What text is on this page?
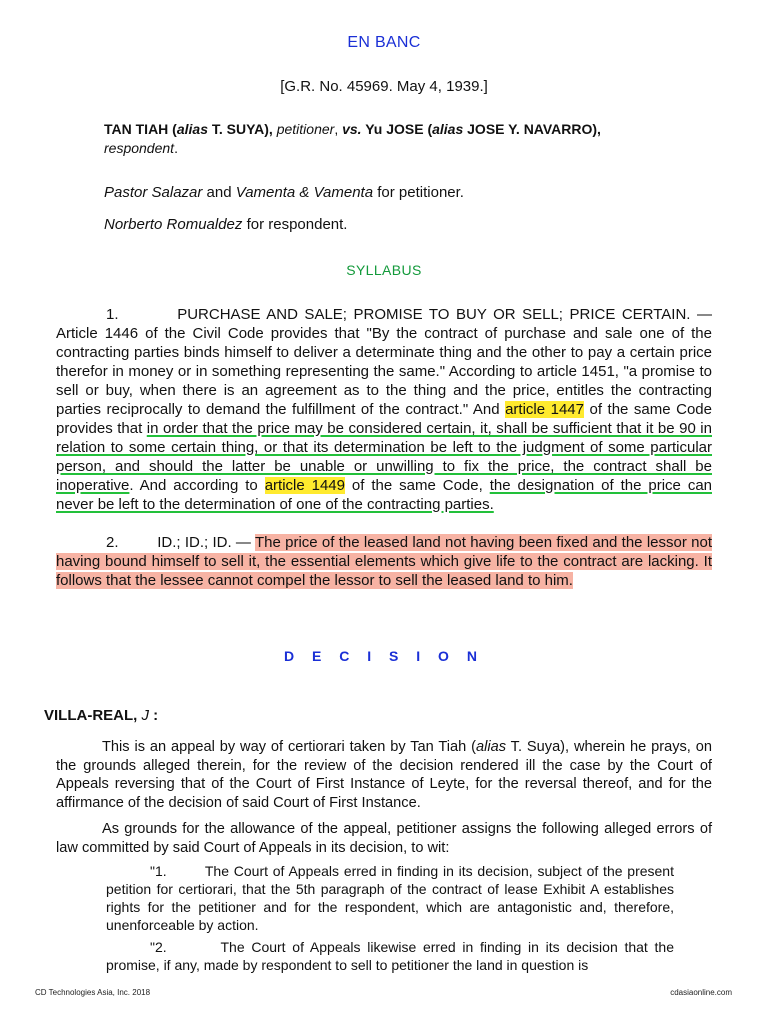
EN BANC
[G.R. No. 45969. May 4, 1939.]
TAN TIAH (alias T. SUYA), petitioner, vs. Yu JOSE (alias JOSE Y. NAVARRO), respondent.
Pastor Salazar and Vamenta & Vamenta for petitioner.
Norberto Romualdez for respondent.
SYLLABUS
1.         PURCHASE AND SALE; PROMISE TO BUY OR SELL; PRICE CERTAIN. — Article 1446 of the Civil Code provides that "By the contract of purchase and sale one of the contracting parties binds himself to deliver a determinate thing and the other to pay a certain price therefor in money or in something representing the same." According to article 1451, "a promise to sell or buy, when there is an agreement as to the thing and the price, entitles the contracting parties reciprocally to demand the fulfillment of the contract." And article 1447 of the same Code provides that in order that the price may be considered certain, it, shall be sufficient that it be 90 in relation to some certain thing, or that its determination be left to the judgment of some particular person, and should the latter be unable or unwilling to fix the price, the contract shall be inoperative. And according to article 1449 of the same Code, the designation of the price can never be left to the determination of one of the contracting parties.
2.         ID.; ID.; ID. — The price of the leased land not having been fixed and the lessor not having bound himself to sell it, the essential elements which give life to the contract are lacking. It follows that the lessee cannot compel the lessor to sell the leased land to him.
D E C I S I O N
VILLA-REAL, J :
This is an appeal by way of certiorari taken by Tan Tiah (alias T. Suya), wherein he prays, on the grounds alleged therein, for the review of the decision rendered ill the case by the Court of Appeals reversing that of the Court of First Instance of Leyte, for the reversal thereof, and for the affirmance of the decision of said Court of First Instance.
As grounds for the allowance of the appeal, petitioner assigns the following alleged errors of law committed by said Court of Appeals in its decision, to wit:
"1.        The Court of Appeals erred in finding in its decision, subject of the present petition for certiorari, that the 5th paragraph of the contract of lease Exhibit A establishes rights for the petitioner and for the respondent, which are antagonistic and, therefore, unenforceable by action.
"2.        The Court of Appeals likewise erred in finding in its decision that the promise, if any, made by respondent to sell to petitioner the land in question is
CD Technologies Asia, Inc. 2018	cdasiaonline.com
